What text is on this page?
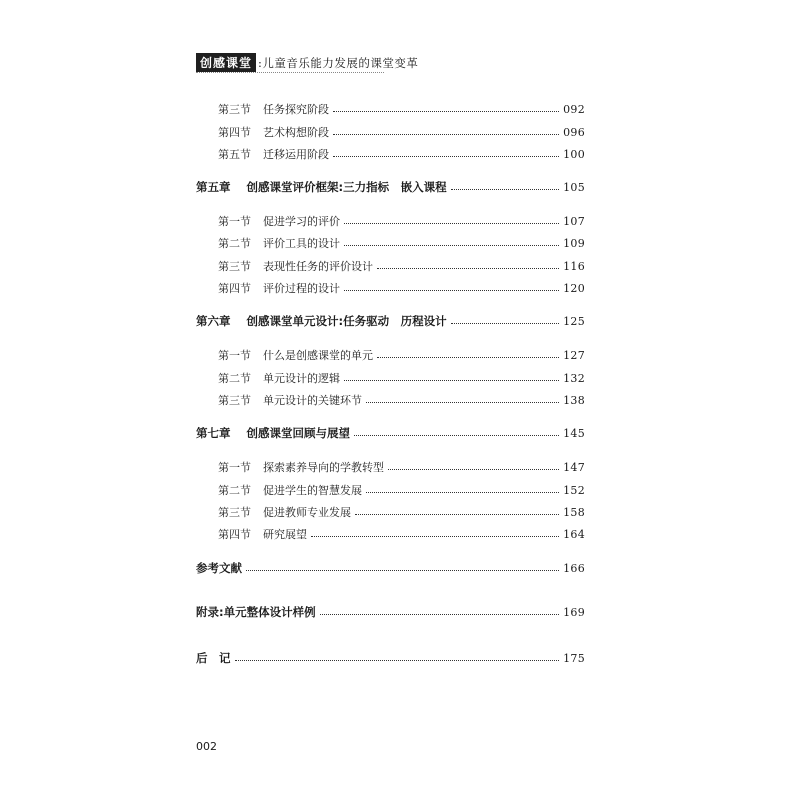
创感课堂 :儿童音乐能力发展的课堂变革
第三节 任务探究阶段	092
第四节 艺术构想阶段	096
第五节 迁移运用阶段	100
第五章 创感课堂评价框架:三力指标　嵌入课程	105
第一节 促进学习的评价	107
第二节 评价工具的设计	109
第三节 表现性任务的评价设计	116
第四节 评价过程的设计	120
第六章 创感课堂单元设计:任务驱动　历程设计	125
第一节 什么是创感课堂的单元	127
第二节 单元设计的逻辑	132
第三节 单元设计的关键环节	138
第七章 创感课堂回顾与展望	145
第一节 探索素养导向的学教转型	147
第二节 促进学生的智慧发展	152
第三节 促进教师专业发展	158
第四节 研究展望	164
参考文献	166
附录:单元整体设计样例	169
后　记	175
002
